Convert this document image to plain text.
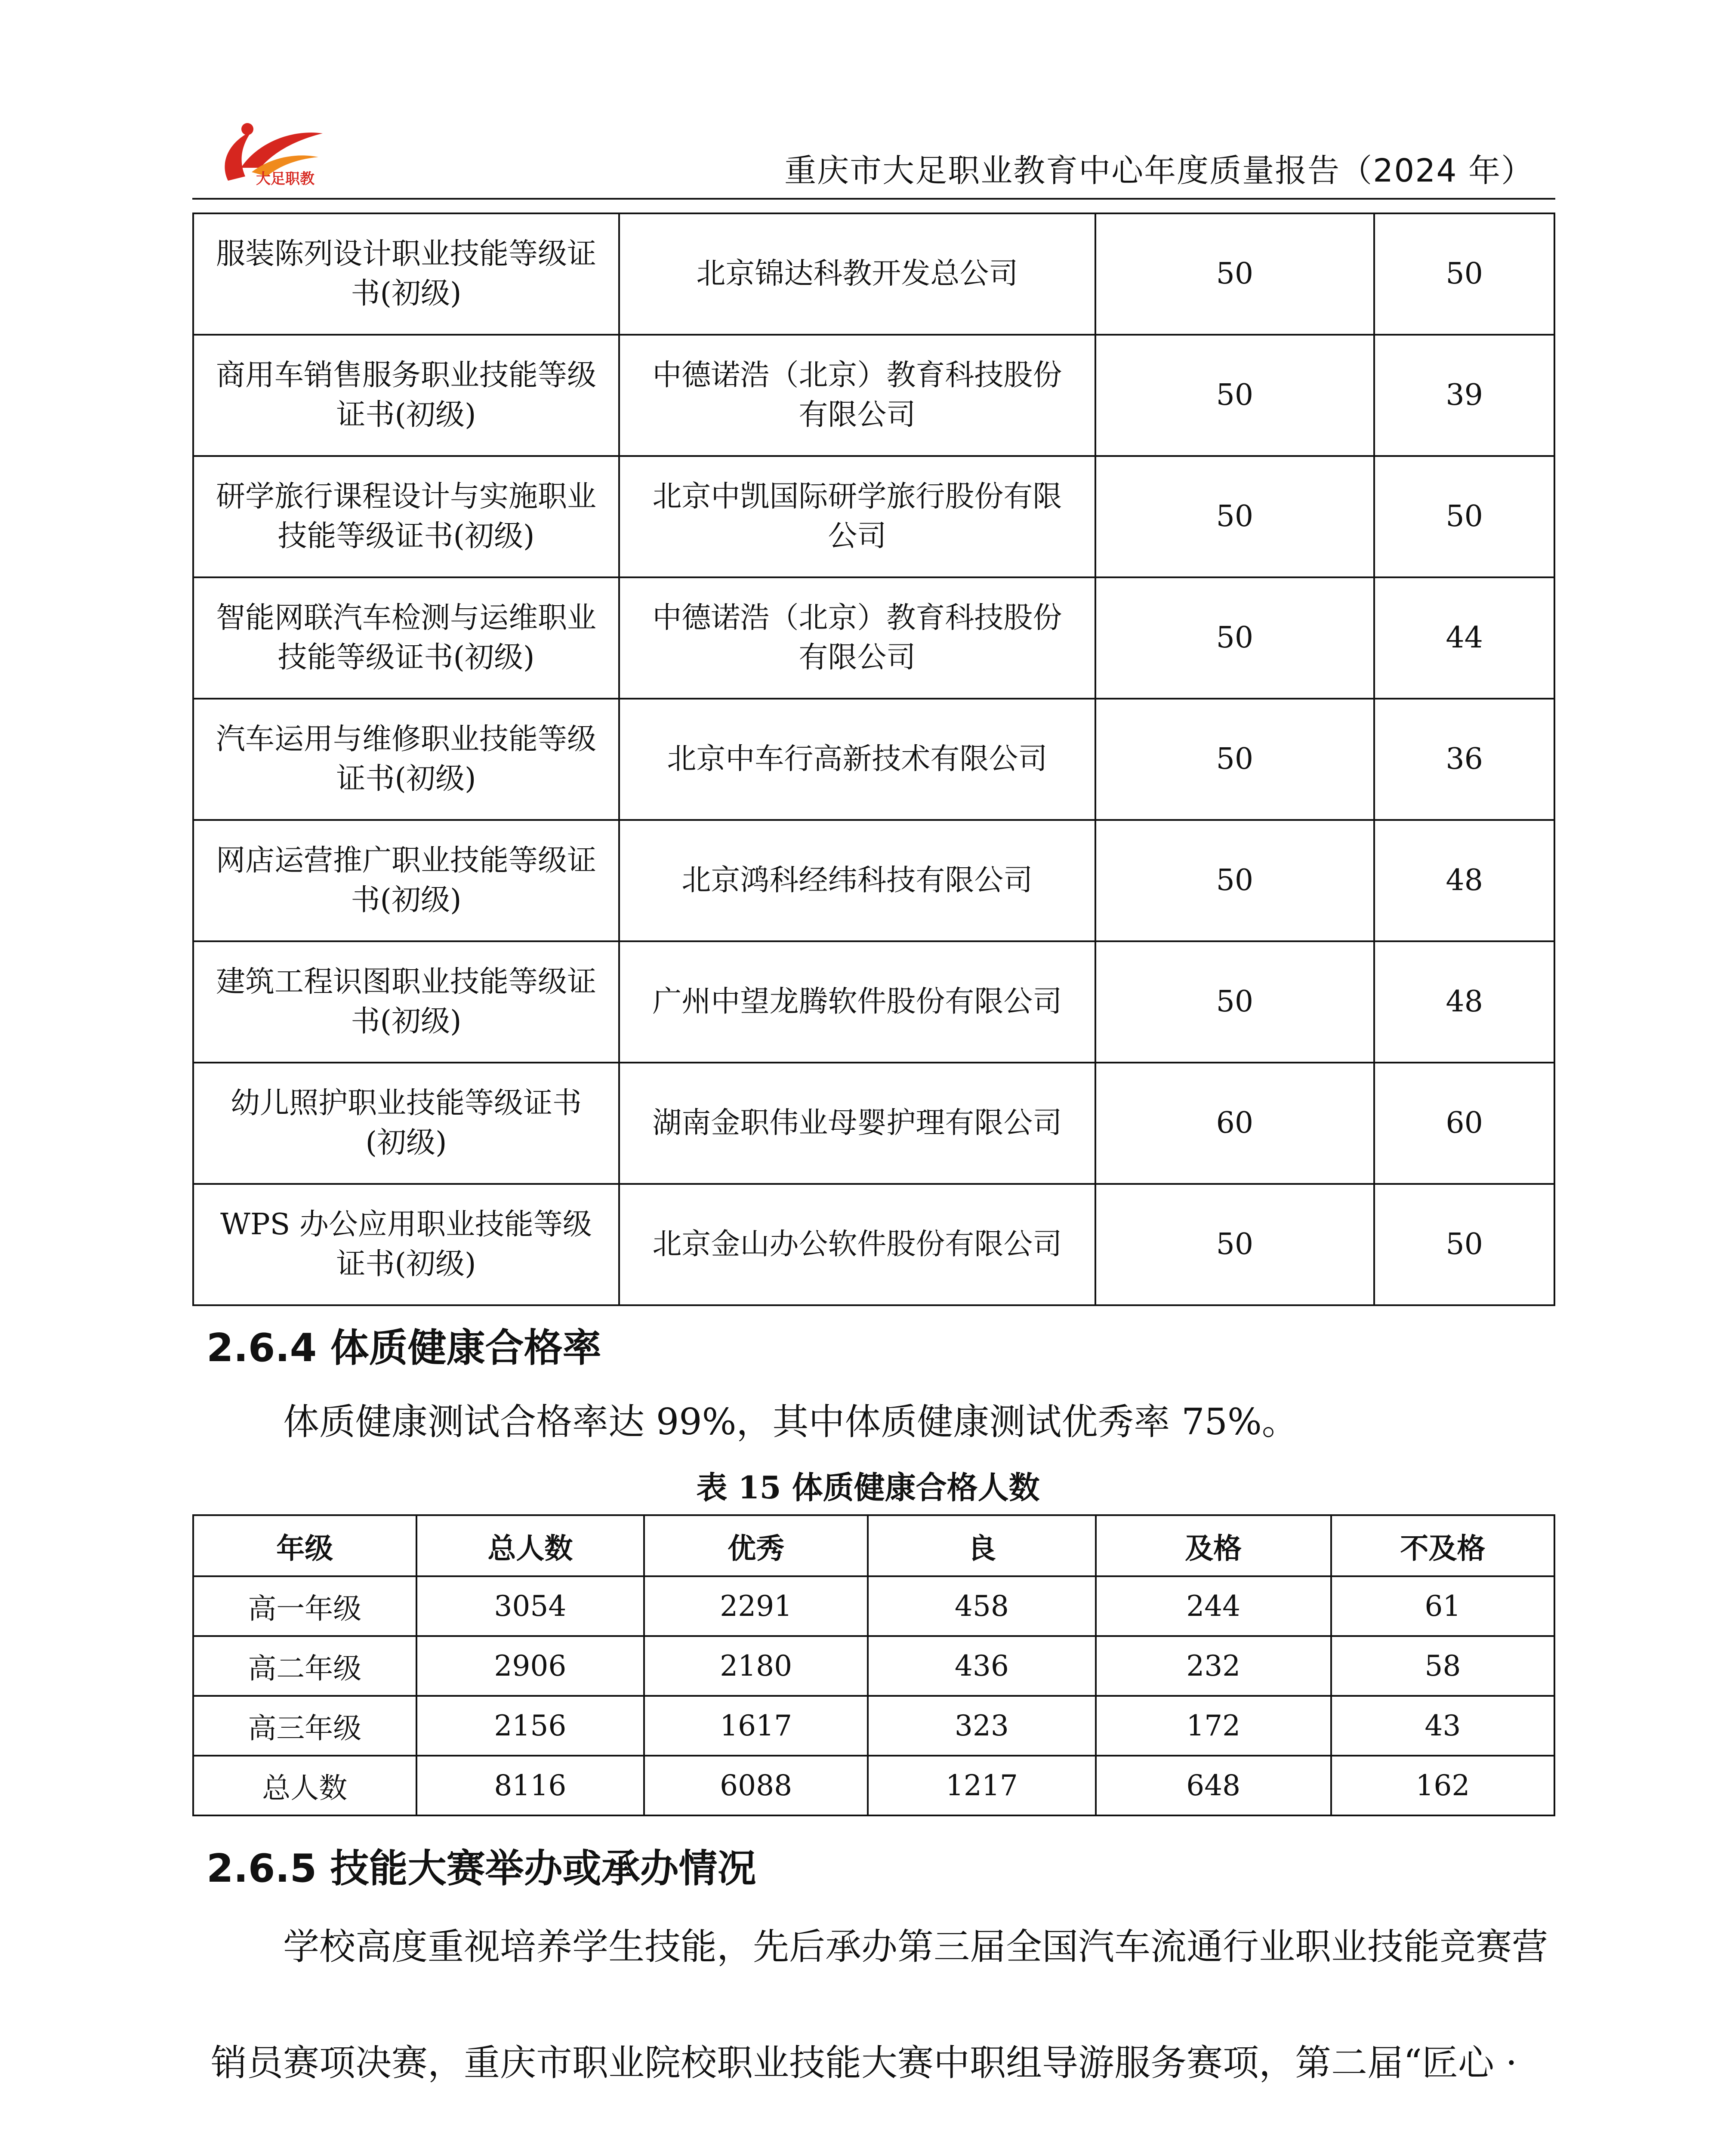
大足职教	重庆市大足职业教育中心年度质量报告（2024 年）
服装陈列设计职业技能等级证书(初级)	北京锦达科教开发总公司	50	50
商用车销售服务职业技能等级证书(初级)	中德诺浩（北京）教育科技股份有限公司	50	39
研学旅行课程设计与实施职业技能等级证书(初级)	北京中凯国际研学旅行股份有限公司	50	50
智能网联汽车检测与运维职业技能等级证书(初级)	中德诺浩（北京）教育科技股份有限公司	50	44
汽车运用与维修职业技能等级证书(初级)	北京中车行高新技术有限公司	50	36
网店运营推广职业技能等级证书(初级)	北京鸿科经纬科技有限公司	50	48
建筑工程识图职业技能等级证书(初级)	广州中望龙腾软件股份有限公司	50	48
幼儿照护职业技能等级证书(初级)	湖南金职伟业母婴护理有限公司	60	60
WPS 办公应用职业技能等级证书(初级)	北京金山办公软件股份有限公司	50	50
2.6.4 体质健康合格率

体质健康测试合格率达 99%，其中体质健康测试优秀率 75%。

表 15 体质健康合格人数
年级	总人数	优秀	良	及格	不及格
高一年级	3054	2291	458	244	61
高二年级	2906	2180	436	232	58
高三年级	2156	1617	323	172	43
总人数	8116	6088	1217	648	162
2.6.5 技能大赛举办或承办情况

学校高度重视培养学生技能，先后承办第三届全国汽车流通行业职业技能竞赛营销员赛项决赛，重庆市职业院校职业技能大赛中职组导游服务赛项，第二届“匠心 ·
